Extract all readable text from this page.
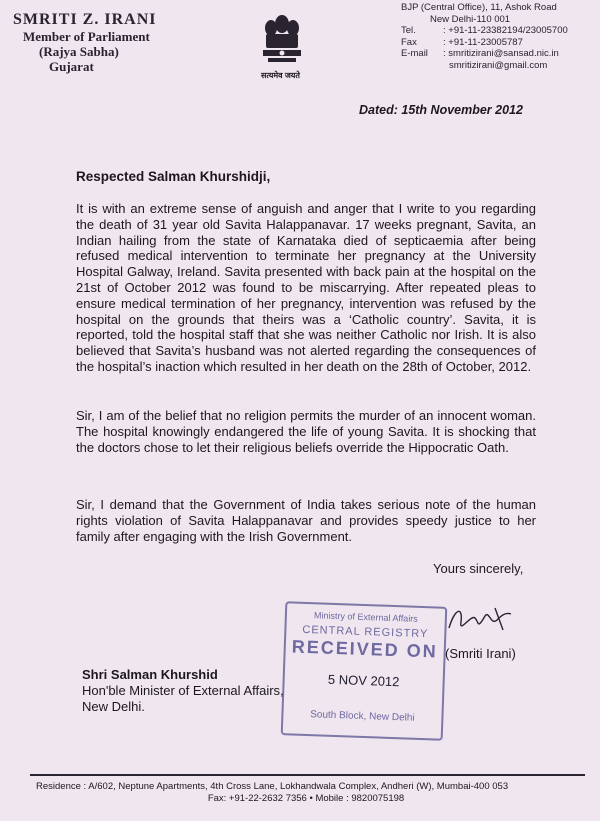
SMRITI Z. IRANI
Member of Parliament
(Rajya Sabha)
Gujarat
सत्यमेव जयते
BJP (Central Office), 11, Ashok Road
New Delhi-110 001
Tel.	: +91-11-23382194/23005700
Fax	: +91-11-23005787
E-mail	: smritizirani@sansad.nic.in
smritizirani@gmail.com
Dated: 15th November 2012
Respected Salman Khurshidji,

It is with an extreme sense of anguish and anger that I write to you regarding the death of 31 year old Savita Halappanavar. 17 weeks pregnant, Savita, an Indian hailing from the state of Karnataka died of septicaemia after being refused medical intervention to terminate her pregnancy at the University Hospital Galway, Ireland. Savita presented with back pain at the hospital on the 21st of October 2012 was found to be miscarrying. After repeated pleas to ensure medical termination of her pregnancy, intervention was refused by the hospital on the grounds that theirs was a ‘Catholic country’. Savita, it is reported, told the hospital staff that she was neither Catholic nor Irish. It is also believed that Savita’s husband was not alerted regarding the consequences of the hospital’s inaction which resulted in her death on the 28th of October, 2012.

Sir, I am of the belief that no religion permits the murder of an innocent woman. The hospital knowingly endangered the life of young Savita. It is shocking that the doctors chose to let their religious beliefs override the Hippocratic Oath.

Sir, I demand that the Government of India takes serious note of the human rights violation of Savita Halappanavar and provides speedy justice to her family after engaging with the Irish Government.

Yours sincerely,
Ministry of External Affairs
CENTRAL REGISTRY
RECEIVED ON
5 NOV 2012
South Block, New Delhi
(Smriti Irani)
Shri Salman Khurshid
Hon'ble Minister of External Affairs,
New Delhi.
Residence : A/602, Neptune Apartments, 4th Cross Lane, Lokhandwala Complex, Andheri (W), Mumbai-400 053
Fax: +91-22-2632 7356 • Mobile : 9820075198
